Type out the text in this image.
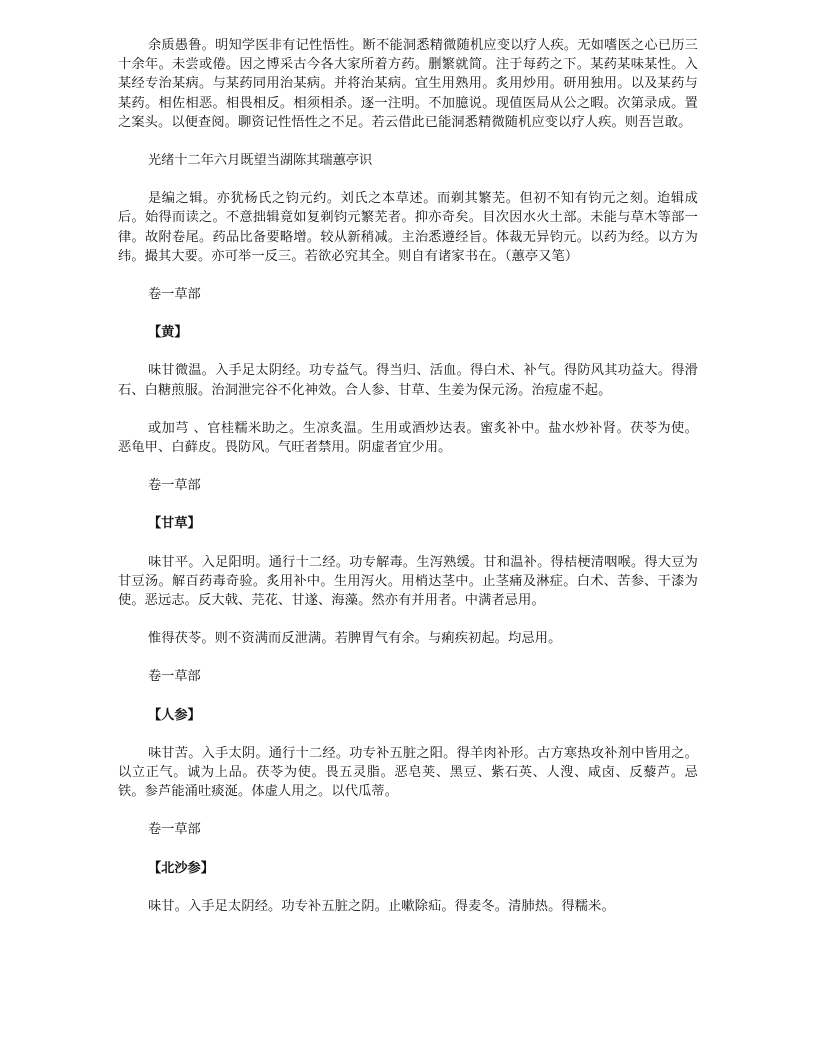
余质愚鲁。明知学医非有记性悟性。断不能洞悉精微随机应变以疗人疾。无如嗜医之心已历三十余年。未尝或倦。因之博采古今各大家所着方药。删繁就简。注于每药之下。某药某味某性。入某经专治某病。与某药同用治某病。并将治某病。宜生用熟用。炙用炒用。研用独用。以及某药与某药。相佐相恶。相畏相反。相须相杀。逐一注明。不加臆说。现值医局从公之暇。次第录成。置之案头。以便查阅。聊资记性悟性之不足。若云借此已能洞悉精微随机应变以疗人疾。则吾岂敢。

光绪十二年六月既望当湖陈其瑞蕙亭识

是编之辑。亦犹杨氏之钧元约。刘氏之本草述。而剃其繁芜。但初不知有钧元之刻。迨辑成后。始得而读之。不意拙辑竟如复剃钧元繁芜者。抑亦奇矣。目次因水火土部。未能与草木等部一律。故附卷尾。药品比备要略增。较从新稍减。主治悉遵经旨。体裁无异钧元。以药为经。以方为纬。撮其大要。亦可举一反三。若欲必究其全。则自有诸家书在。（蕙亭又笔）

卷一草部

【黄】

味甘微温。入手足太阴经。功专益气。得当归、活血。得白术、补气。得防风其功益大。得滑石、白糖煎服。治洞泄完谷不化神效。合人参、甘草、生姜为保元汤。治痘虚不起。

或加芎 、官桂糯米助之。生凉炙温。生用或酒炒达表。蜜炙补中。盐水炒补肾。茯苓为使。恶龟甲、白藓皮。畏防风。气旺者禁用。阴虚者宜少用。

卷一草部

【甘草】

味甘平。入足阳明。通行十二经。功专解毒。生泻熟缓。甘和温补。得桔梗清咽喉。得大豆为甘豆汤。解百药毒奇验。炙用补中。生用泻火。用梢达茎中。止茎痛及淋症。白术、苦参、干漆为使。恶远志。反大戟、芫花、甘遂、海藻。然亦有并用者。中满者忌用。

惟得茯苓。则不资满而反泄满。若脾胃气有余。与痢疾初起。均忌用。

卷一草部

【人参】

味甘苦。入手太阴。通行十二经。功专补五脏之阳。得羊肉补形。古方寒热攻补剂中皆用之。以立正气。诚为上品。茯苓为使。畏五灵脂。恶皂荚、黑豆、紫石英、人溲、咸卤、反藜芦。忌铁。参芦能涌吐痰涎。体虚人用之。以代瓜蒂。

卷一草部

【北沙参】

味甘。入手足太阴经。功专补五脏之阴。止嗽除疝。得麦冬。清肺热。得糯米。
